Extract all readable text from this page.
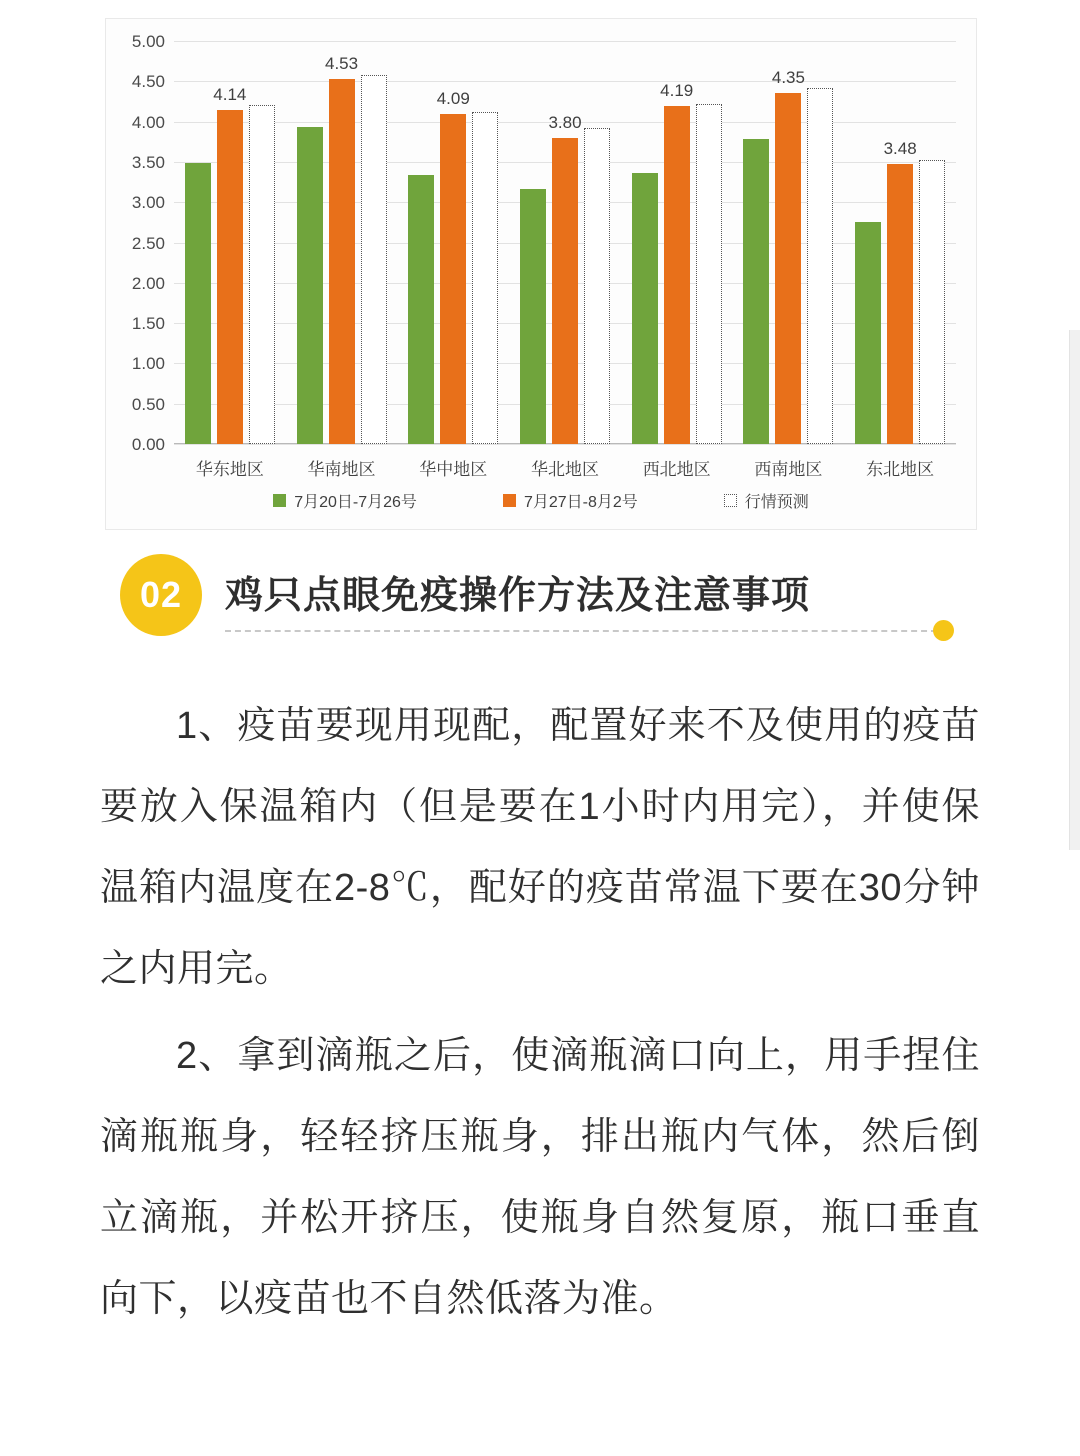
0.00
0.50
1.00
1.50
2.00
2.50
3.00
3.50
4.00
4.50
5.00
4.14
华东地区
4.53
华南地区
4.09
华中地区
3.80
华北地区
4.19
西北地区
4.35
西南地区
3.48
东北地区
7月20日-7月26号	7月27日-8月2号	行情预测
02	鸡只点眼免疫操作方法及注意事项

1、疫苗要现用现配，配置好来不及使用的疫苗要放入保温箱内（但是要在1小时内用完），并使保温箱内温度在2-8℃，配好的疫苗常温下要在30分钟之内用完。

2、拿到滴瓶之后，使滴瓶滴口向上，用手捏住滴瓶瓶身，轻轻挤压瓶身，排出瓶内气体，然后倒立滴瓶，并松开挤压，使瓶身自然复原，瓶口垂直向下，以疫苗也不自然低落为准。
